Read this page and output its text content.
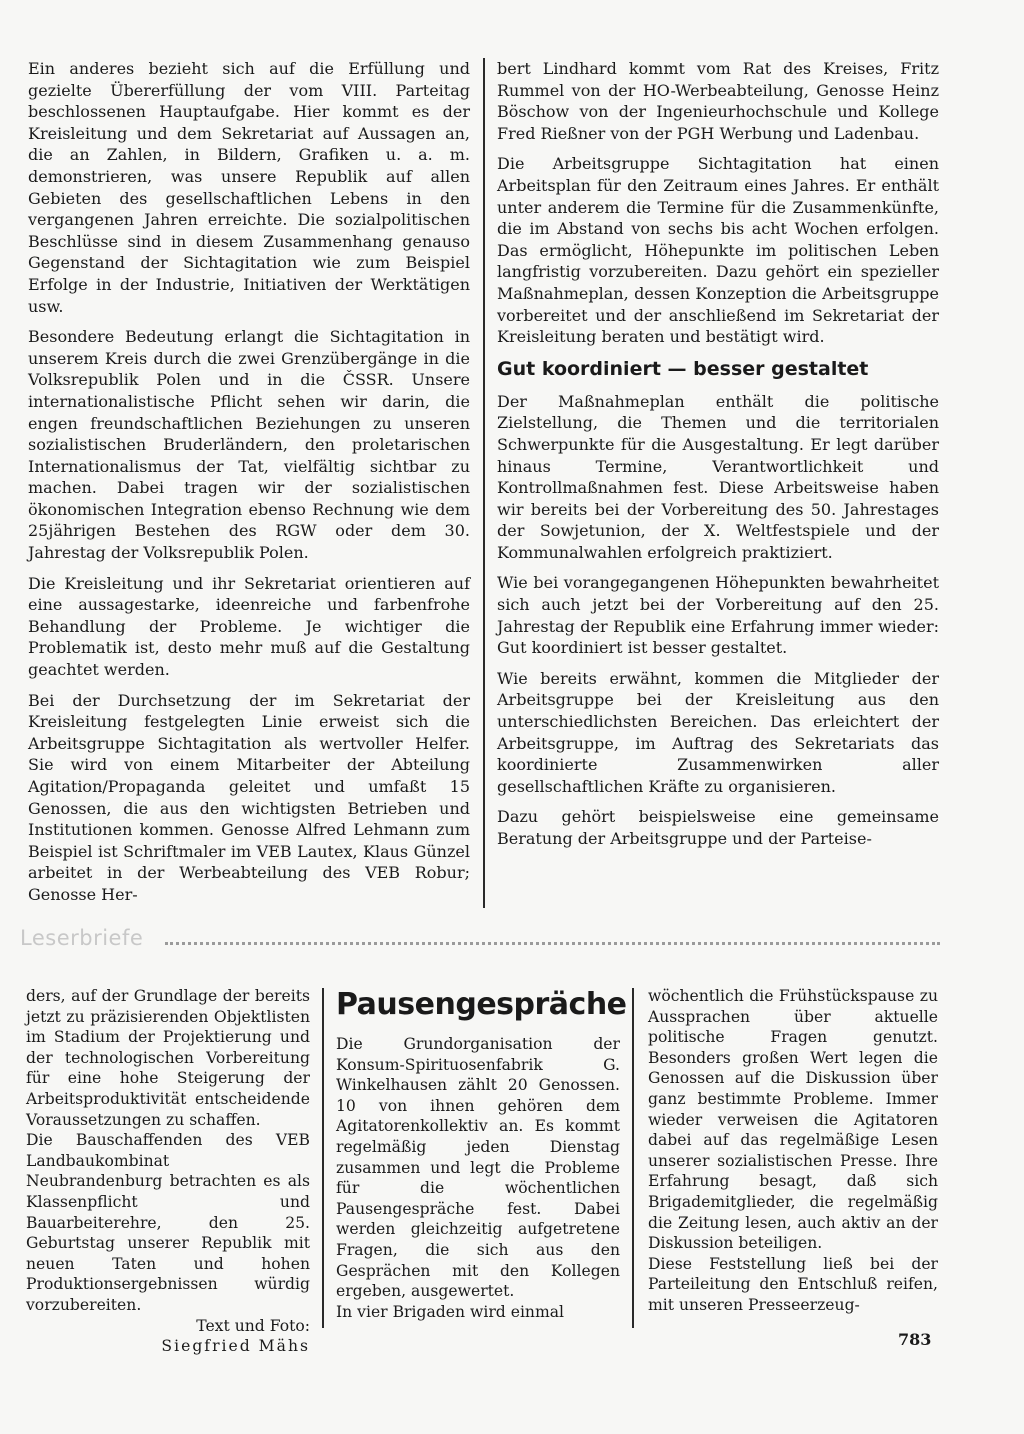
Ein anderes bezieht sich auf die Erfüllung und gezielte Übererfüllung der vom VIII. Parteitag beschlossenen Hauptaufgabe. Hier kommt es der Kreisleitung und dem Sekretariat auf Aussagen an, die an Zahlen, in Bildern, Grafiken u. a. m. demonstrieren, was unsere Republik auf allen Gebieten des gesellschaftlichen Lebens in den vergangenen Jahren erreichte. Die sozialpolitischen Beschlüsse sind in diesem Zusammenhang genauso Gegenstand der Sichtagitation wie zum Beispiel Erfolge in der Industrie, Initiativen der Werktätigen usw.

Besondere Bedeutung erlangt die Sichtagitation in unserem Kreis durch die zwei Grenzübergänge in die Volksrepublik Polen und in die ČSSR. Unsere internationalistische Pflicht sehen wir darin, die engen freundschaftlichen Beziehungen zu unseren sozialistischen Bruderländern, den proletarischen Internationalismus der Tat, vielfältig sichtbar zu machen. Dabei tragen wir der sozialistischen ökonomischen Integration ebenso Rechnung wie dem 25jährigen Bestehen des RGW oder dem 30. Jahrestag der Volksrepublik Polen.

Die Kreisleitung und ihr Sekretariat orientieren auf eine aussagestarke, ideenreiche und farbenfrohe Behandlung der Probleme. Je wichtiger die Problematik ist, desto mehr muß auf die Gestaltung geachtet werden.

Bei der Durchsetzung der im Sekretariat der Kreisleitung festgelegten Linie erweist sich die Arbeitsgruppe Sichtagitation als wertvoller Helfer. Sie wird von einem Mitarbeiter der Abteilung Agitation/Propaganda geleitet und umfaßt 15 Genossen, die aus den wichtigsten Betrieben und Institutionen kommen. Genosse Alfred Lehmann zum Beispiel ist Schriftmaler im VEB Lautex, Klaus Günzel arbeitet in der Werbeabteilung des VEB Robur; Genosse Her-

bert Lindhard kommt vom Rat des Kreises, Fritz Rummel von der HO-Werbeabteilung, Genosse Heinz Böschow von der Ingenieurhochschule und Kollege Fred Rießner von der PGH Werbung und Ladenbau.

Die Arbeitsgruppe Sichtagitation hat einen Arbeitsplan für den Zeitraum eines Jahres. Er enthält unter anderem die Termine für die Zusammenkünfte, die im Abstand von sechs bis acht Wochen erfolgen. Das ermöglicht, Höhepunkte im politischen Leben langfristig vorzubereiten. Dazu gehört ein spezieller Maßnahmeplan, dessen Konzeption die Arbeitsgruppe vorbereitet und der anschließend im Sekretariat der Kreisleitung beraten und bestätigt wird.

Gut koordiniert — besser gestaltet

Der Maßnahmeplan enthält die politische Zielstellung, die Themen und die territorialen Schwerpunkte für die Ausgestaltung. Er legt darüber hinaus Termine, Verantwortlichkeit und Kontrollmaßnahmen fest. Diese Arbeitsweise haben wir bereits bei der Vorbereitung des 50. Jahrestages der Sowjetunion, der X. Weltfestspiele und der Kommunalwahlen erfolgreich praktiziert.

Wie bei vorangegangenen Höhepunkten bewahrheitet sich auch jetzt bei der Vorbereitung auf den 25. Jahrestag der Republik eine Erfahrung immer wieder: Gut koordiniert ist besser gestaltet.

Wie bereits erwähnt, kommen die Mitglieder der Arbeitsgruppe bei der Kreisleitung aus den unterschiedlichsten Bereichen. Das erleichtert der Arbeitsgruppe, im Auftrag des Sekretariats das koordinierte Zusammenwirken aller gesellschaftlichen Kräfte zu organisieren.

Dazu gehört beispielsweise eine gemeinsame Beratung der Arbeitsgruppe und der Parteise-

Leserbriefe

ders, auf der Grundlage der bereits jetzt zu präzisierenden Objektlisten im Stadium der Projektierung und der technologischen Vorbereitung für eine hohe Steigerung der Arbeitsproduktivität entscheidende Voraussetzungen zu schaffen.

Die Bauschaffenden des VEB Landbaukombinat Neubrandenburg betrachten es als Klassenpflicht und Bauarbeiterehre, den 25. Geburtstag unserer Republik mit neuen Taten und hohen Produktionsergebnissen würdig vorzubereiten.

Text und Foto:

Siegfried Mähs

Pausengespräche

Die Grundorganisation der Konsum-Spirituosenfabrik G. Winkelhausen zählt 20 Genossen. 10 von ihnen gehören dem Agitatorenkollektiv an. Es kommt regelmäßig jeden Dienstag zusammen und legt die Probleme für die wöchentlichen Pausengespräche fest. Dabei werden gleichzeitig aufgetretene Fragen, die sich aus den Gesprächen mit den Kollegen ergeben, ausgewertet.

In vier Brigaden wird einmal

wöchentlich die Frühstückspause zu Aussprachen über aktuelle politische Fragen genutzt. Besonders großen Wert legen die Genossen auf die Diskussion über ganz bestimmte Probleme. Immer wieder verweisen die Agitatoren dabei auf das regelmäßige Lesen unserer sozialistischen Presse. Ihre Erfahrung besagt, daß sich Brigademitglieder, die regelmäßig die Zeitung lesen, auch aktiv an der Diskussion beteiligen.

Diese Feststellung ließ bei der Parteileitung den Entschluß reifen, mit unseren Presseerzeug-

783
